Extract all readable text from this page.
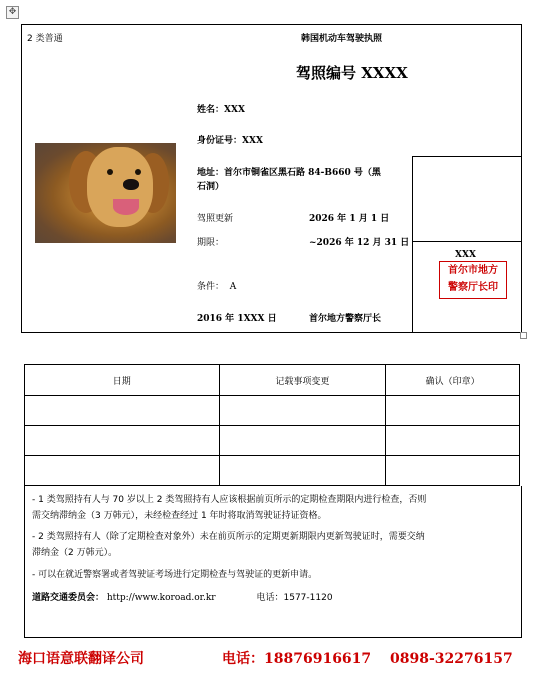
✥
2 类普通	韩国机动车驾驶执照
驾照编号 XXXX
姓名：XXX
身份证号：XXX
地址：首尔市铜雀区黑石路 84-B660 号（黑
石洞）
驾照更新	2026 年 1 月 1 日
期限：	~2026 年 12 月 31 日
条件：  A
2016 年 1XXX 日	首尔地方警察厅长
XXX
首尔市地方
警察厅长印
日期	记载事项变更	确认（印章）

- 1 类驾照持有人与 70 岁以上 2 类驾照持有人应该根据前页所示的定期检查期限内进行检查，否则
需交纳滞纳金（3 万韩元），未经检查经过 1 年时将取消驾驶证持证资格。
- 2 类驾照持有人（除了定期检查对象外）未在前页所示的定期更新期限内更新驾驶证时，需要交纳
滞纳金（2 万韩元）。
- 可以在就近警察署或者驾驶证考场进行定期检查与驾驶证的更新申请。
道路交通委员会： http://www.koroad.or.kr	电话：1577-1120
海口语意联翻译公司	电话：18876916617 0898-32276157
